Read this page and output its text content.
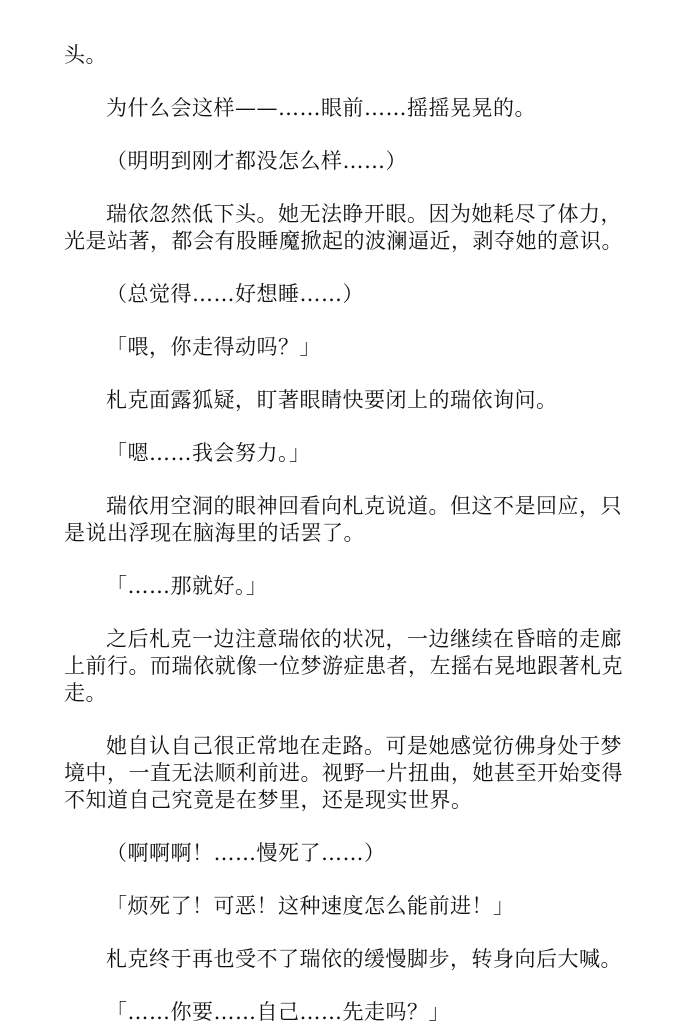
头。

为什么会这样——……眼前……摇摇晃晃的。

（明明到刚才都没怎么样……）

瑞依忽然低下头。她无法睁开眼。因为她耗尽了体力，光是站著，都会有股睡魔掀起的波澜逼近，剥夺她的意识。

（总觉得……好想睡……）

「喂，你走得动吗？」

札克面露狐疑，盯著眼睛快要闭上的瑞依询问。

「嗯……我会努力。」

瑞依用空洞的眼神回看向札克说道。但这不是回应，只是说出浮现在脑海里的话罢了。

「……那就好。」

之后札克一边注意瑞依的状况，一边继续在昏暗的走廊上前行。而瑞依就像一位梦游症患者，左摇右晃地跟著札克走。

她自认自己很正常地在走路。可是她感觉彷佛身处于梦境中，一直无法顺利前进。视野一片扭曲，她甚至开始变得不知道自己究竟是在梦里，还是现实世界。

（啊啊啊！……慢死了……）

「烦死了！可恶！这种速度怎么能前进！」

札克终于再也受不了瑞依的缓慢脚步，转身向后大喊。

「……你要……自己……先走吗？」
